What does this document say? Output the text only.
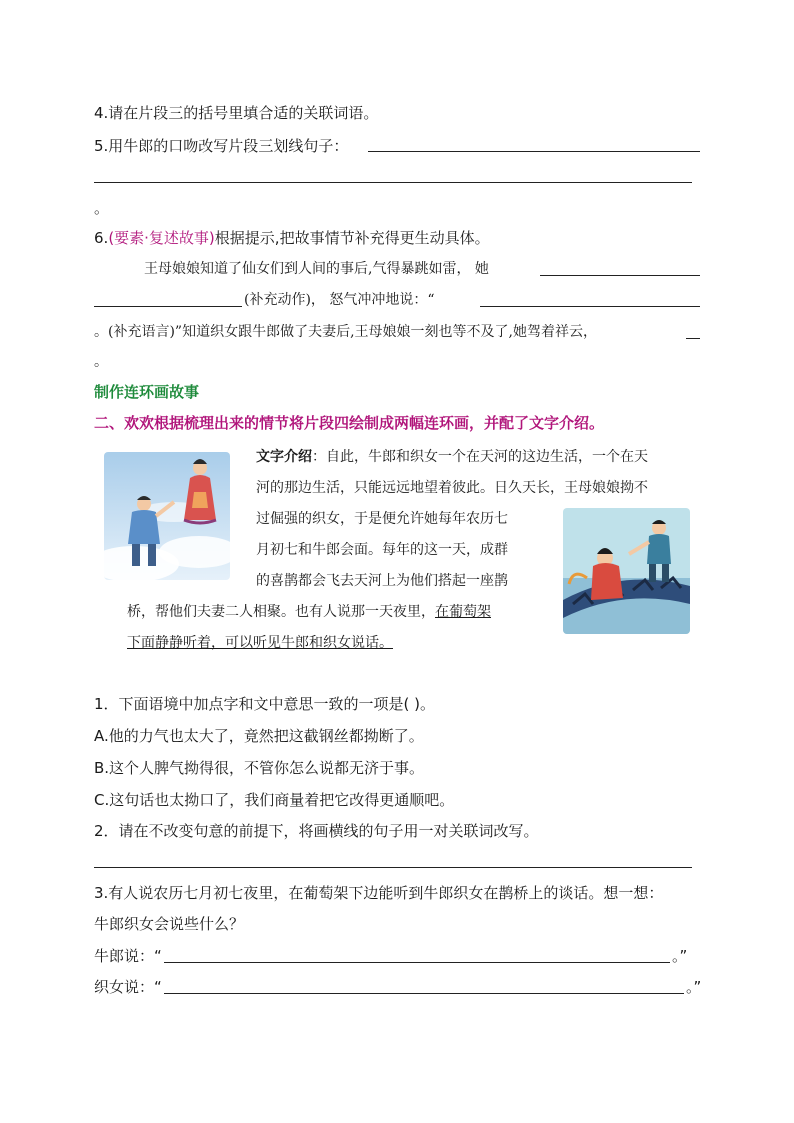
4.请在片段三的括号里填合适的关联词语。
5.用牛郎的口吻改写片段三划线句子：
。
6.(要素·复述故事)根据提示,把故事情节补充得更生动具体。
王母娘娘知道了仙女们到人间的事后,气得暴跳如雷， 她
(补充动作)， 怒气冲冲地说：“
。(补充语言)”知道织女跟牛郎做了夫妻后,王母娘娘一刻也等不及了,她驾着祥云，
。
制作连环画故事
二、欢欢根据梳理出来的情节将片段四绘制成两幅连环画，并配了文字介绍。
文字介绍：自此，牛郎和织女一个在天河的这边生活，一个在天
河的那边生活，只能远远地望着彼此。日久天长，王母娘娘拗不
过倔强的织女，于是便允许她每年农历七
月初七和牛郎会面。每年的这一天，成群
的喜鹊都会飞去天河上为他们搭起一座鹊
桥，帮他们夫妻二人相聚。也有人说那一天夜里，在葡萄架
下面静静听着，可以听见牛郎和织女说话。
1．下面语境中加点字和文中意思一致的一项是( )。
A.他的力气也太大了，竟然把这截钢丝都拗断了。
B.这个人脾气拗得很，不管你怎么说都无济于事。
C.这句话也太拗口了，我们商量着把它改得更通顺吧。
2．请在不改变句意的前提下，将画横线的句子用一对关联词改写。
3.有人说农历七月初七夜里，在葡萄架下边能听到牛郎织女在鹊桥上的谈话。想一想：
牛郎织女会说些什么？
牛郎说：“	。”
织女说：“	。”
